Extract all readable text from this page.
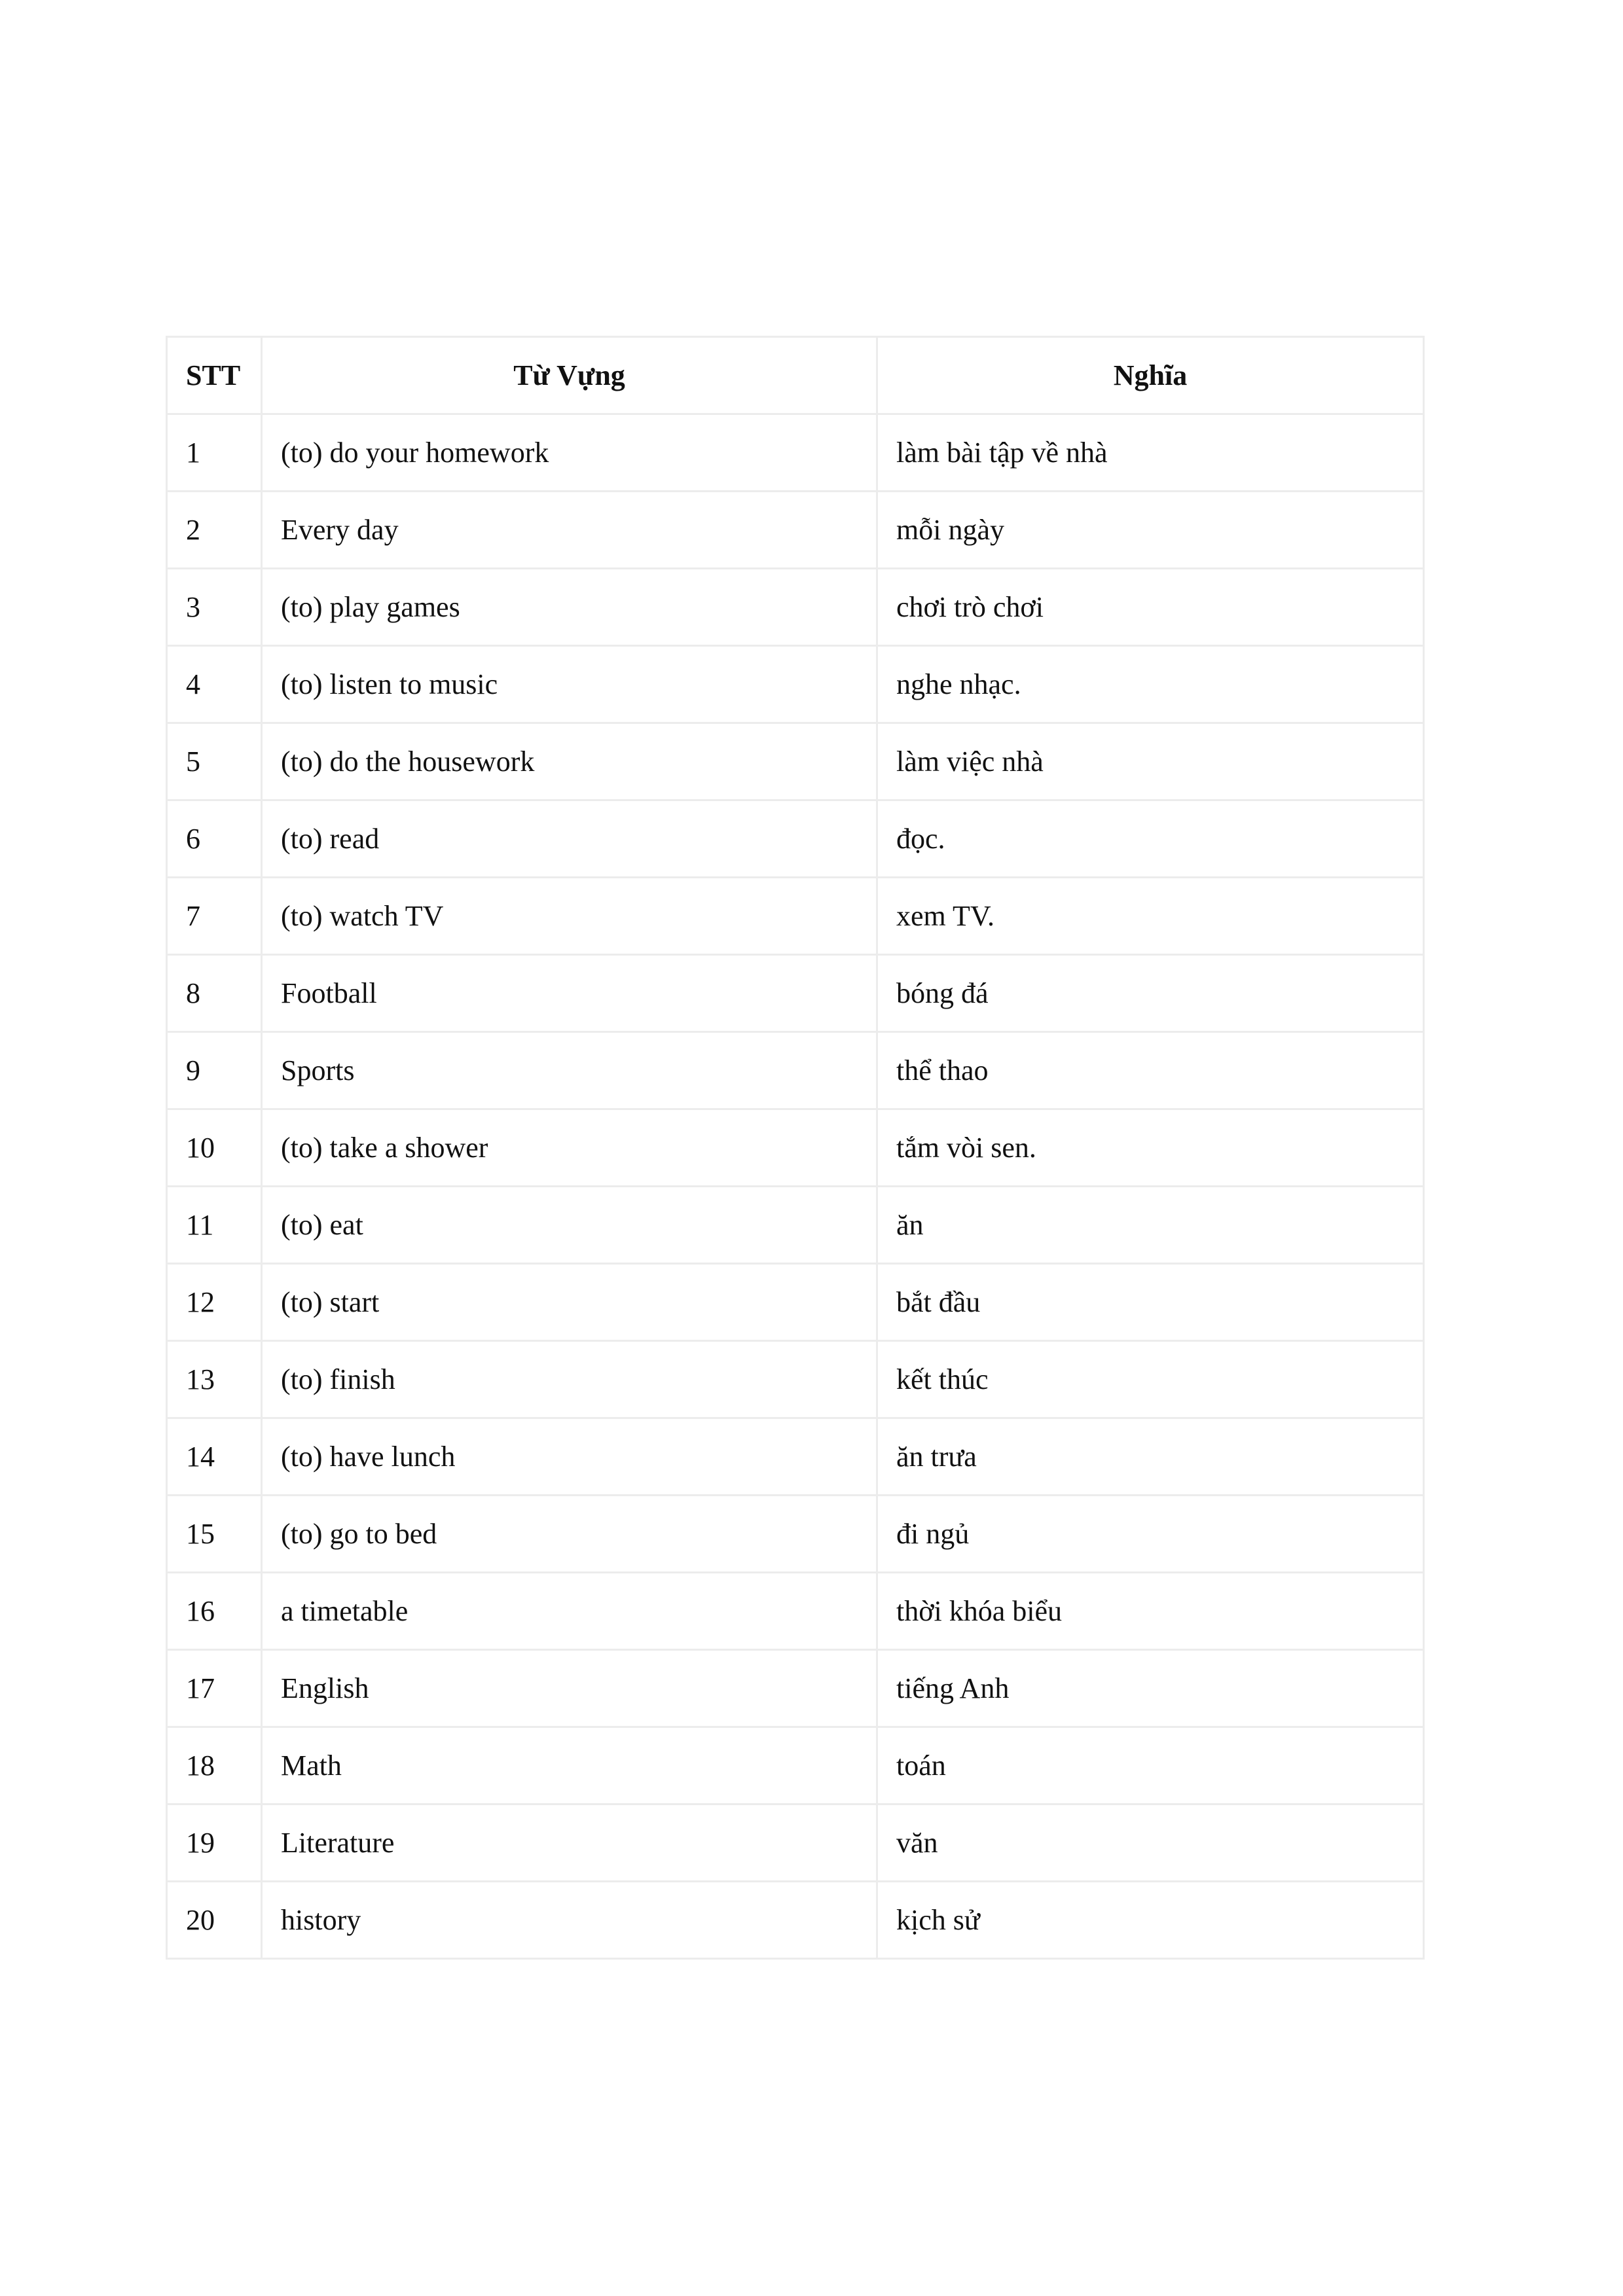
STT	Từ Vựng	Nghĩa
1	(to) do your homework	làm bài tập về nhà
2	Every day	mỗi ngày
3	(to) play games	chơi trò chơi
4	(to) listen to music	nghe nhạc.
5	(to) do the housework	làm việc nhà
6	(to) read	đọc.
7	(to) watch TV	xem TV.
8	Football	bóng đá
9	Sports	thể thao
10	(to) take a shower	tắm vòi sen.
11	(to) eat	ăn
12	(to) start	bắt đầu
13	(to) finish	kết thúc
14	(to) have lunch	ăn trưa
15	(to) go to bed	đi ngủ
16	a timetable	thời khóa biểu
17	English	tiếng Anh
18	Math	toán
19	Literature	văn
20	history	kịch sử
